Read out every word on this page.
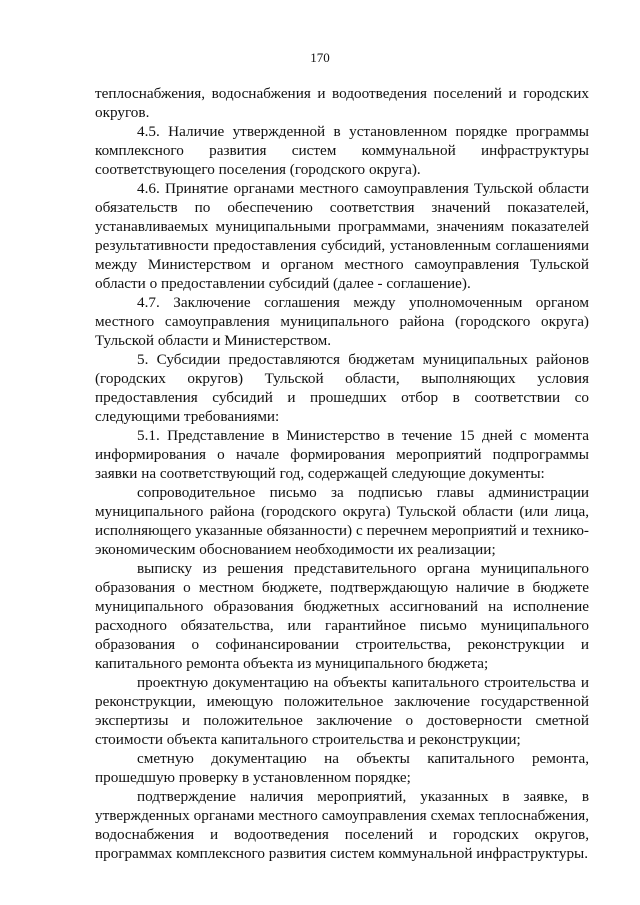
170

теплоснабжения, водоснабжения и водоотведения поселений и городских округов.

4.5. Наличие утвержденной в установленном порядке программы комплексного развития систем коммунальной инфраструктуры соответствующего поселения (городского округа).

4.6. Принятие органами местного самоуправления Тульской области обязательств по обеспечению соответствия значений показателей, устанавливаемых муниципальными программами, значениям показателей результативности предоставления субсидий, установленным соглашениями между Министерством и органом местного самоуправления Тульской области о предоставлении субсидий (далее - соглашение).

4.7. Заключение соглашения между уполномоченным органом местного самоуправления муниципального района (городского округа) Тульской области и Министерством.

5. Субсидии предоставляются бюджетам муниципальных районов (городских округов) Тульской области, выполняющих условия предоставления субсидий и прошедших отбор в соответствии со следующими требованиями:

5.1. Представление в Министерство в течение 15 дней с момента информирования о начале формирования мероприятий подпрограммы заявки на соответствующий год, содержащей следующие документы:

сопроводительное письмо за подписью главы администрации муниципального района (городского округа) Тульской области (или лица, исполняющего указанные обязанности) с перечнем мероприятий и технико-экономическим обоснованием необходимости их реализации;

выписку из решения представительного органа муниципального образования о местном бюджете, подтверждающую наличие в бюджете муниципального образования бюджетных ассигнований на исполнение расходного обязательства, или гарантийное письмо муниципального образования о софинансировании строительства, реконструкции и капитального ремонта объекта из муниципального бюджета;

проектную документацию на объекты капитального строительства и реконструкции, имеющую положительное заключение государственной экспертизы и положительное заключение о достоверности сметной стоимости объекта капитального строительства и реконструкции;

сметную документацию на объекты капитального ремонта, прошедшую проверку в установленном порядке;

подтверждение наличия мероприятий, указанных в заявке, в утвержденных органами местного самоуправления схемах теплоснабжения, водоснабжения и водоотведения поселений и городских округов, программах комплексного развития систем коммунальной инфраструктуры.
